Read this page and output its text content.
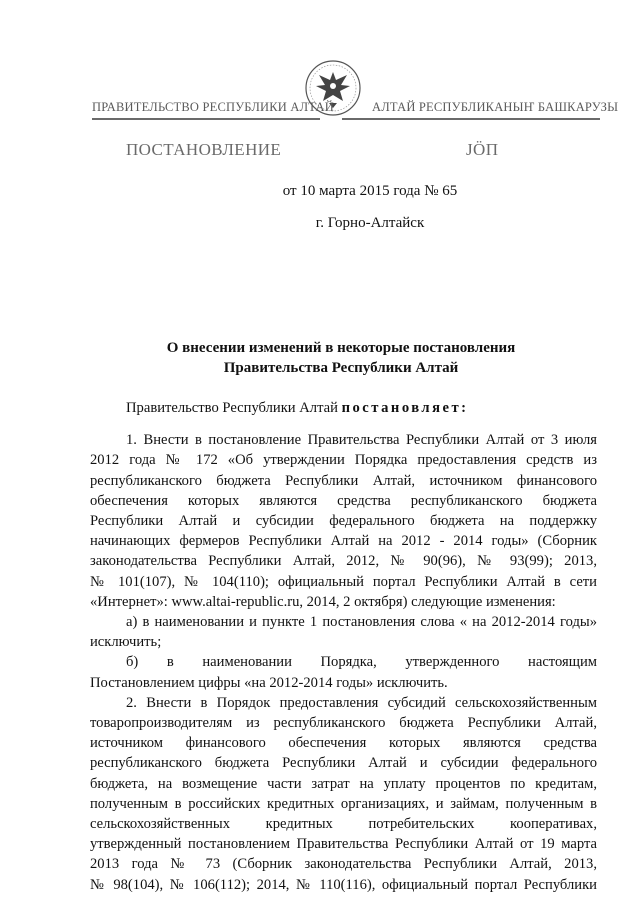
ПРАВИТЕЛЬСТВО РЕСПУБЛИКИ АЛТАЙ	АЛТАЙ РЕСПУБЛИКАНЫҤ БАШКАРУЗЫ
ПОСТАНОВЛЕНИЕ	JÖП
от 10 марта 2015 года № 65
г. Горно-Алтайск
О внесении изменений в некоторые постановления
Правительства Республики Алтай

Правительство Республики Алтай постановляет:

1. Внести в постановление Правительства Республики Алтай от 3 июля

2012 года № 172 «Об утверждении Порядка предоставления средств из

республиканского бюджета Республики Алтай, источником финансового

обеспечения которых являются средства республиканского бюджета

Республики Алтай и субсидии федерального бюджета на поддержку

начинающих фермеров Республики Алтай на 2012 - 2014 годы» (Сборник

законодательства Республики Алтай, 2012, № 90(96), № 93(99); 2013,

№ 101(107), № 104(110); официальный портал Республики Алтай в сети

«Интернет»: www.altai-republic.ru, 2014, 2 октября) следующие изменения:

а) в наименовании и пункте 1 постановления слова « на 2012-2014 годы»

исключить;

б) в наименовании Порядка, утвержденного настоящим

Постановлением цифры «на 2012-2014 годы» исключить.

2. Внести в Порядок предоставления субсидий сельскохозяйственным

товаропроизводителям из республиканского бюджета Республики Алтай,

источником финансового обеспечения которых являются средства

республиканского бюджета Республики Алтай и субсидии федерального

бюджета, на возмещение части затрат на уплату процентов по кредитам,

полученным в российских кредитных организациях, и займам, полученным в

сельскохозяйственных кредитных потребительских кооперативах,

утвержденный постановлением Правительства Республики Алтай от 19 марта

2013 года № 73 (Сборник законодательства Республики Алтай, 2013,

№ 98(104), № 106(112); 2014, № 110(116), официальный портал Республики
